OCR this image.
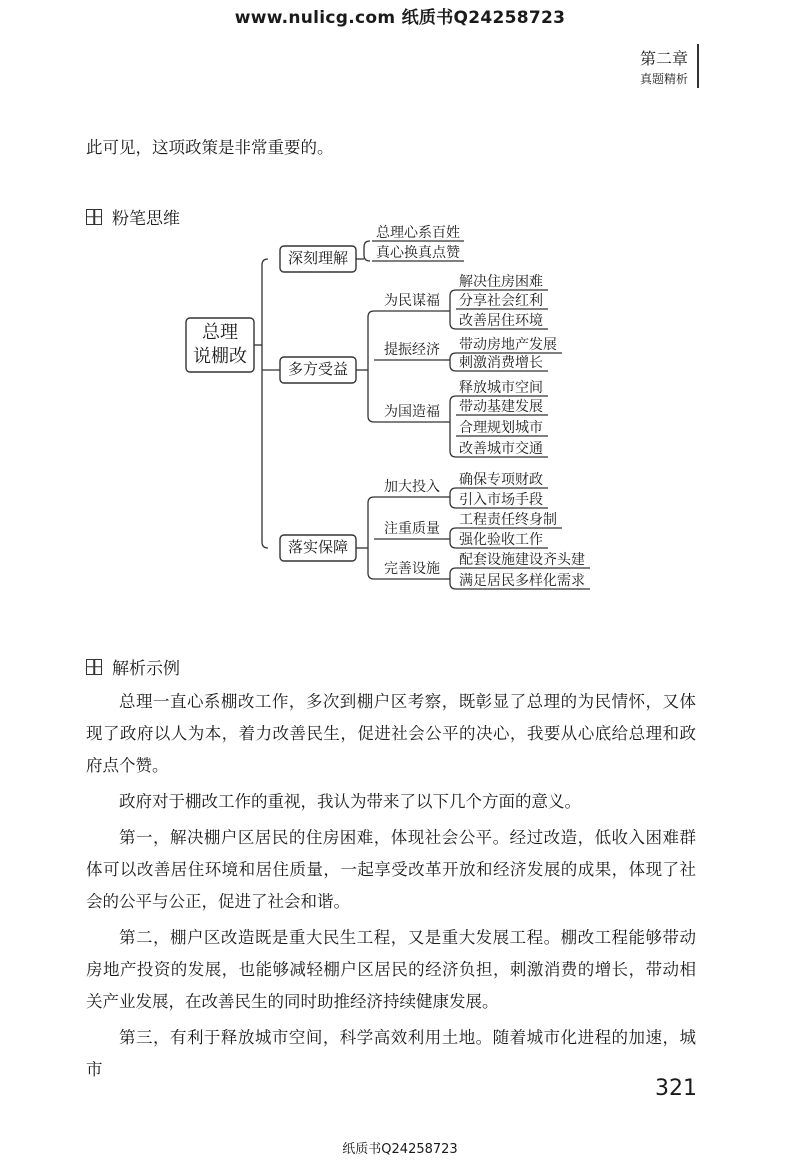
www.nulicg.com 纸质书Q24258723
第二章
真题精析
此可见，这项政策是非常重要的。
粉笔思维
总理
说棚改
深刻理解
总理心系百姓
真心换真点赞
多方受益
为民谋福
解决住房困难
分享社会红利
改善居住环境
提振经济 带动房地产发展
刺激消费增长
为国造福
释放城市空间
带动基建发展
合理规划城市
改善城市交通
落实保障
加大投入 确保专项财政
引入市场手段
注重质量
工程责任终身制
强化验收工作
完善设施
配套设施建设齐头建
满足居民多样化需求
解析示例

总理一直心系棚改工作，多次到棚户区考察，既彰显了总理的为民情怀，又体现了政府以人为本，着力改善民生，促进社会公平的决心，我要从心底给总理和政府点个赞。

政府对于棚改工作的重视，我认为带来了以下几个方面的意义。

第一，解决棚户区居民的住房困难，体现社会公平。经过改造，低收入困难群体可以改善居住环境和居住质量，一起享受改革开放和经济发展的成果，体现了社会的公平与公正，促进了社会和谐。

第二，棚户区改造既是重大民生工程，又是重大发展工程。棚改工程能够带动房地产投资的发展，也能够减轻棚户区居民的经济负担，刺激消费的增长，带动相关产业发展，在改善民生的同时助推经济持续健康发展。

第三，有利于释放城市空间，科学高效利用土地。随着城市化进程的加速，城市

321
纸质书Q24258723
